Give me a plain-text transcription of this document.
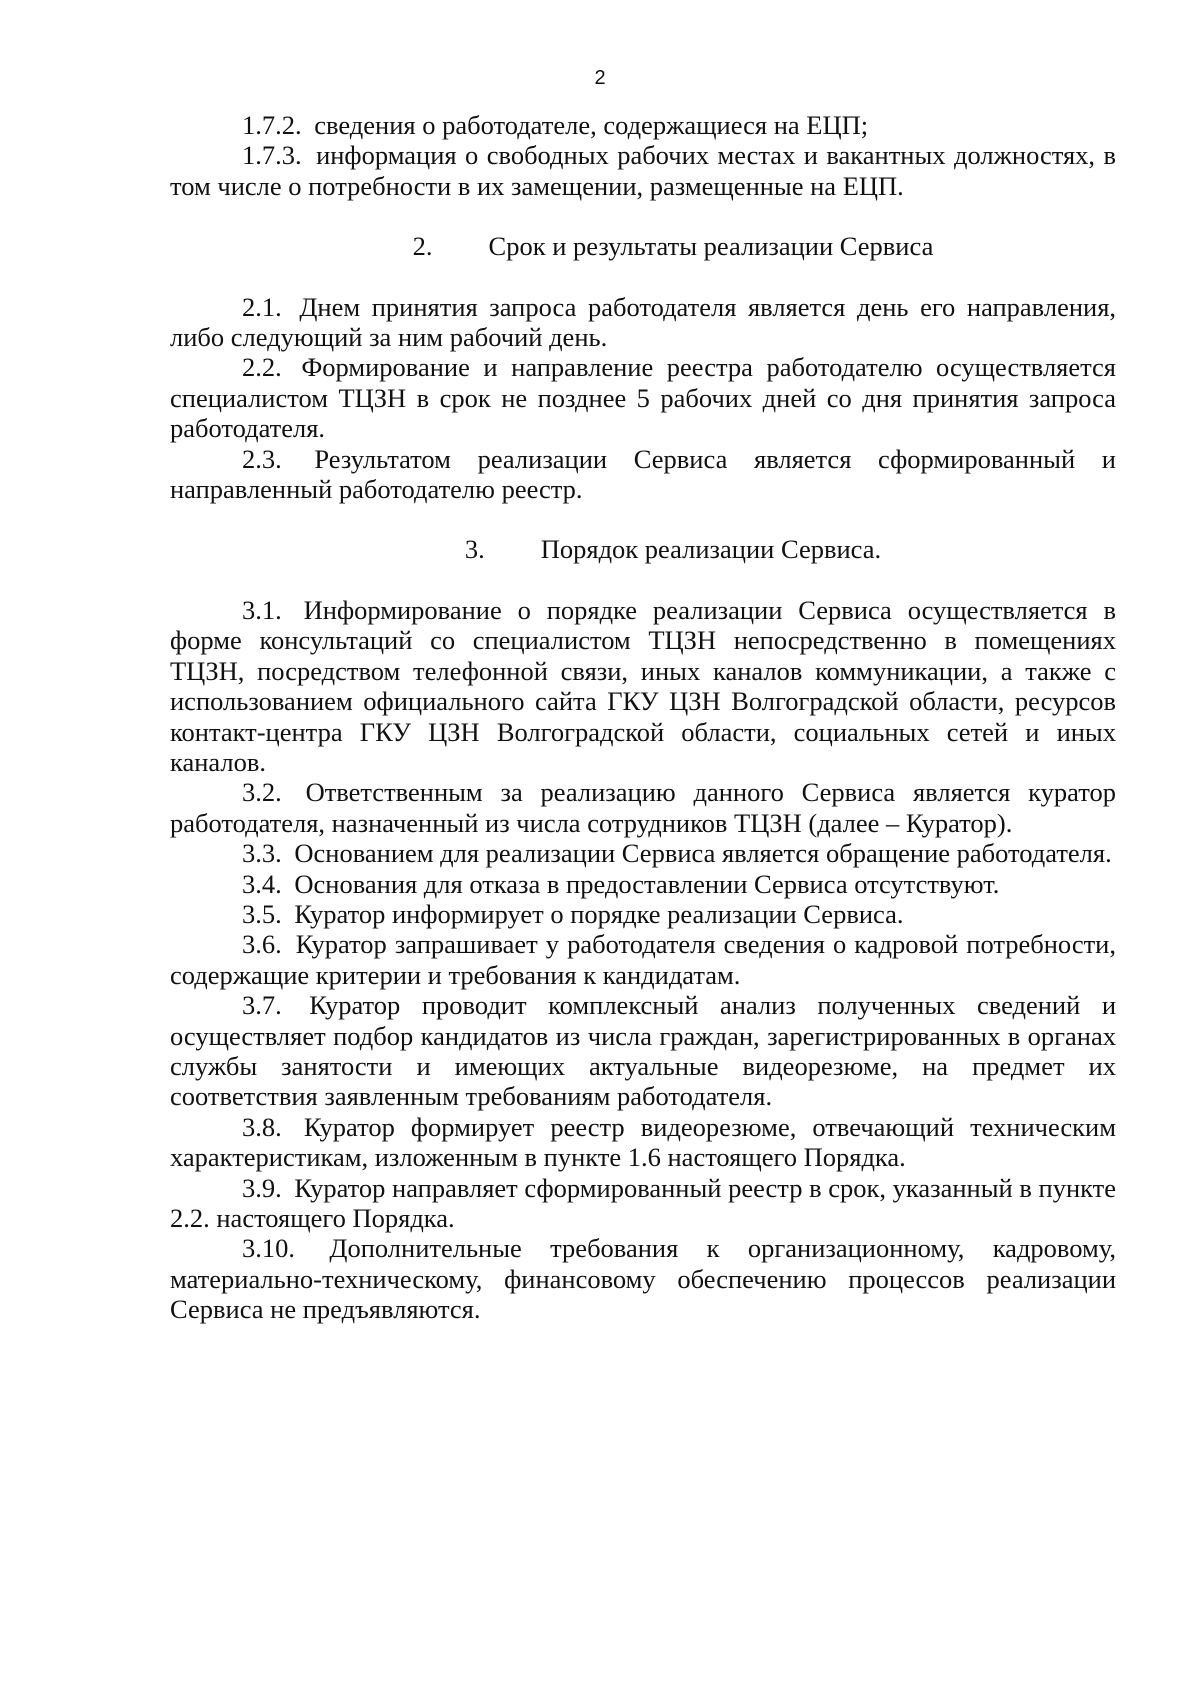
2

1.7.2. сведения о работодателе, содержащиеся на ЕЦП;

1.7.3. информация о свободных рабочих местах и вакантных должностях, в том числе о потребности в их замещении, размещенные на ЕЦП.

2. Срок и результаты реализации Сервиса

2.1. Днем принятия запроса работодателя является день его направления, либо следующий за ним рабочий день.

2.2. Формирование и направление реестра работодателю осуществляется специалистом ТЦЗН в срок не позднее 5 рабочих дней со дня принятия запроса работодателя.

2.3. Результатом реализации Сервиса является сформированный и направленный работодателю реестр.

3. Порядок реализации Сервиса.

3.1. Информирование о порядке реализации Сервиса осуществляется в форме консультаций со специалистом ТЦЗН непосредственно в помещениях ТЦЗН, посредством телефонной связи, иных каналов коммуникации, а также с использованием официального сайта ГКУ ЦЗН Волгоградской области, ресурсов контакт-центра ГКУ ЦЗН Волгоградской области, социальных сетей и иных каналов.

3.2. Ответственным за реализацию данного Сервиса является куратор работодателя, назначенный из числа сотрудников ТЦЗН (далее – Куратор).

3.3. Основанием для реализации Сервиса является обращение работодателя.

3.4. Основания для отказа в предоставлении Сервиса отсутствуют.

3.5. Куратор информирует о порядке реализации Сервиса.

3.6. Куратор запрашивает у работодателя сведения о кадровой потребности, содержащие критерии и требования к кандидатам.

3.7. Куратор проводит комплексный анализ полученных сведений и осуществляет подбор кандидатов из числа граждан, зарегистрированных в органах службы занятости и имеющих актуальные видеорезюме, на предмет их соответствия заявленным требованиям работодателя.

3.8. Куратор формирует реестр видеорезюме, отвечающий техническим характеристикам, изложенным в пункте 1.6 настоящего Порядка.

3.9. Куратор направляет сформированный реестр в срок, указанный в пункте 2.2. настоящего Порядка.

3.10. Дополнительные требования к организационному, кадровому, материально-техническому, финансовому обеспечению процессов реализации Сервиса не предъявляются.
